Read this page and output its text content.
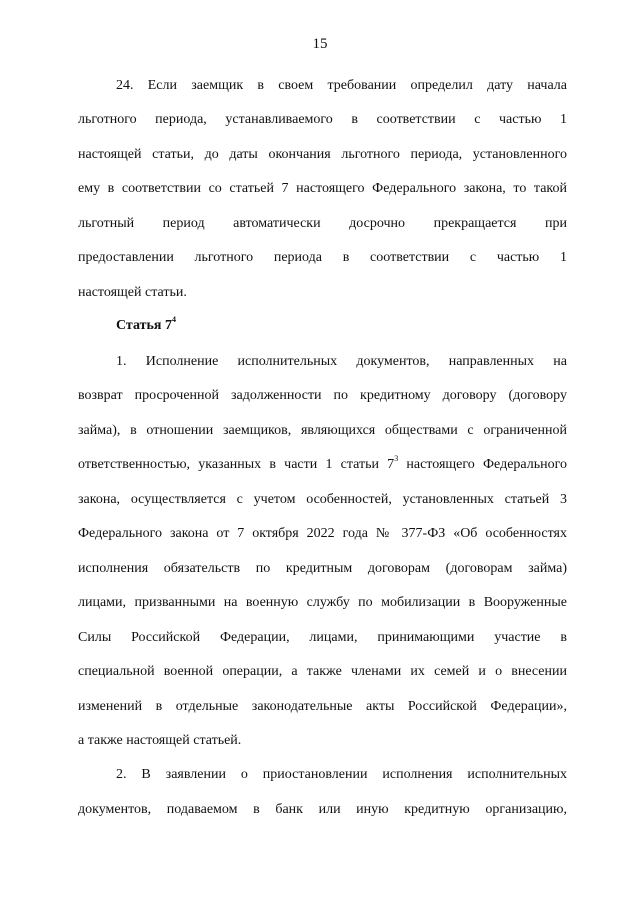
15
24. Если заемщик в своем требовании определил дату начала
льготного периода, устанавливаемого в соответствии с частью 1
настоящей статьи, до даты окончания льготного периода, установленного
ему в соответствии со статьей 7 настоящего Федерального закона, то такой
льготный период автоматически досрочно прекращается при
предоставлении льготного периода в соответствии с частью 1
настоящей статьи.
Статья $7^4$
1. Исполнение исполнительных документов, направленных на
возврат просроченной задолженности по кредитному договору (договору
займа), в отношении заемщиков, являющихся обществами с ограниченной
ответственностью, указанных в части 1 статьи $7^3$ настоящего Федерального
закона, осуществляется с учетом особенностей, установленных статьей 3
Федерального закона от 7 октября 2022 года № 377-ФЗ «Об особенностях
исполнения обязательств по кредитным договорам (договорам займа)
лицами, призванными на военную службу по мобилизации в Вооруженные
Силы Российской Федерации, лицами, принимающими участие в
специальной военной операции, а также членами их семей и о внесении
изменений в отдельные законодательные акты Российской Федерации»,
а также настоящей статьей.
2. В заявлении о приостановлении исполнения исполнительных
документов, подаваемом в банк или иную кредитную организацию,
